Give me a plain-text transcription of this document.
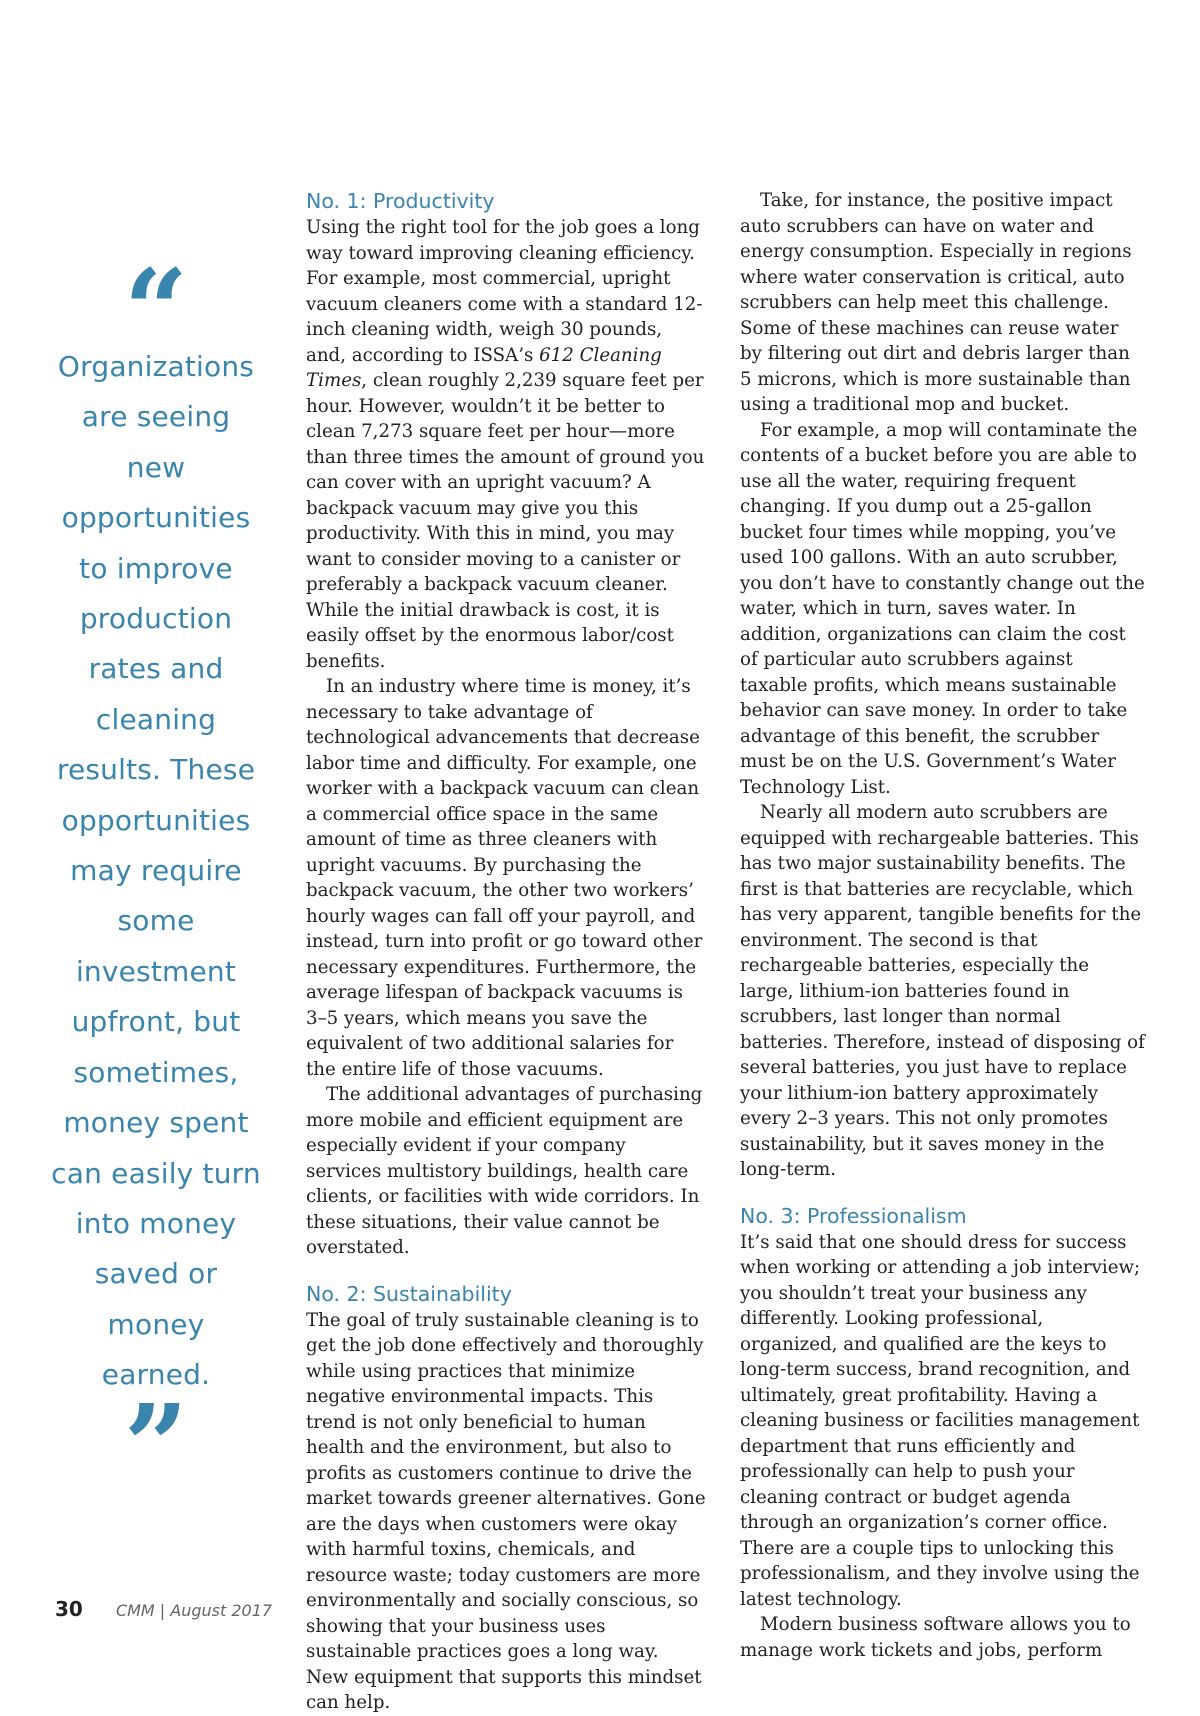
“
Organizations are seeing new opportunities to improve production rates and cleaning results. These opportunities may require some investment upfront, but sometimes, money spent can easily turn into money saved or money earned.
”
No. 1: Productivity

Using the right tool for the job goes a long way toward improving cleaning efficiency. For example, most commercial, upright vacuum cleaners come with a standard 12-inch cleaning width, weigh 30 pounds, and, according to ISSA’s 612 Cleaning Times, clean roughly 2,239 square feet per hour. However, wouldn’t it be better to clean 7,273 square feet per hour—more than three times the amount of ground you can cover with an upright vacuum? A backpack vacuum may give you this productivity. With this in mind, you may want to consider moving to a canister or preferably a backpack vacuum cleaner. While the initial drawback is cost, it is easily offset by the enormous labor/cost benefits.

In an industry where time is money, it’s necessary to take advantage of technological advancements that decrease labor time and difficulty. For example, one worker with a backpack vacuum can clean a commercial office space in the same amount of time as three cleaners with upright vacuums. By purchasing the backpack vacuum, the other two workers’ hourly wages can fall off your payroll, and instead, turn into profit or go toward other necessary expenditures. Furthermore, the average lifespan of backpack vacuums is 3–5 years, which means you save the equivalent of two additional salaries for the entire life of those vacuums.

The additional advantages of purchasing more mobile and efficient equipment are especially evident if your company services multistory buildings, health care clients, or facilities with wide corridors. In these situations, their value cannot be overstated.

No. 2: Sustainability

The goal of truly sustainable cleaning is to get the job done effectively and thoroughly while using practices that minimize negative environmental impacts. This trend is not only beneficial to human health and the environment, but also to profits as customers continue to drive the market towards greener alternatives. Gone are the days when customers were okay with harmful toxins, chemicals, and resource waste; today customers are more environmentally and socially conscious, so showing that your business uses sustainable practices goes a long way. New equipment that supports this mindset can help.

Take, for instance, the positive impact auto scrubbers can have on water and energy consumption. Especially in regions where water conservation is critical, auto scrubbers can help meet this challenge. Some of these machines can reuse water by filtering out dirt and debris larger than 5 microns, which is more sustainable than using a traditional mop and bucket.

For example, a mop will contaminate the contents of a bucket before you are able to use all the water, requiring frequent changing. If you dump out a 25-gallon bucket four times while mopping, you’ve used 100 gallons. With an auto scrubber, you don’t have to constantly change out the water, which in turn, saves water. In addition, organizations can claim the cost of particular auto scrubbers against taxable profits, which means sustainable behavior can save money. In order to take advantage of this benefit, the scrubber must be on the U.S. Government’s Water Technology List.

Nearly all modern auto scrubbers are equipped with rechargeable batteries. This has two major sustainability benefits. The first is that batteries are recyclable, which has very apparent, tangible benefits for the environment. The second is that rechargeable batteries, especially the large, lithium-ion batteries found in scrubbers, last longer than normal batteries. Therefore, instead of disposing of several batteries, you just have to replace your lithium-ion battery approximately every 2–3 years. This not only promotes sustainability, but it saves money in the long-term.

No. 3: Professionalism

It’s said that one should dress for success when working or attending a job interview; you shouldn’t treat your business any differently. Looking professional, organized, and qualified are the keys to long-term success, brand recognition, and ultimately, great profitability. Having a cleaning business or facilities management department that runs efficiently and professionally can help to push your cleaning contract or budget agenda through an organization’s corner office. There are a couple tips to unlocking this professionalism, and they involve using the latest technology.

Modern business software allows you to manage work tickets and jobs, perform

30 CMM | August 2017
